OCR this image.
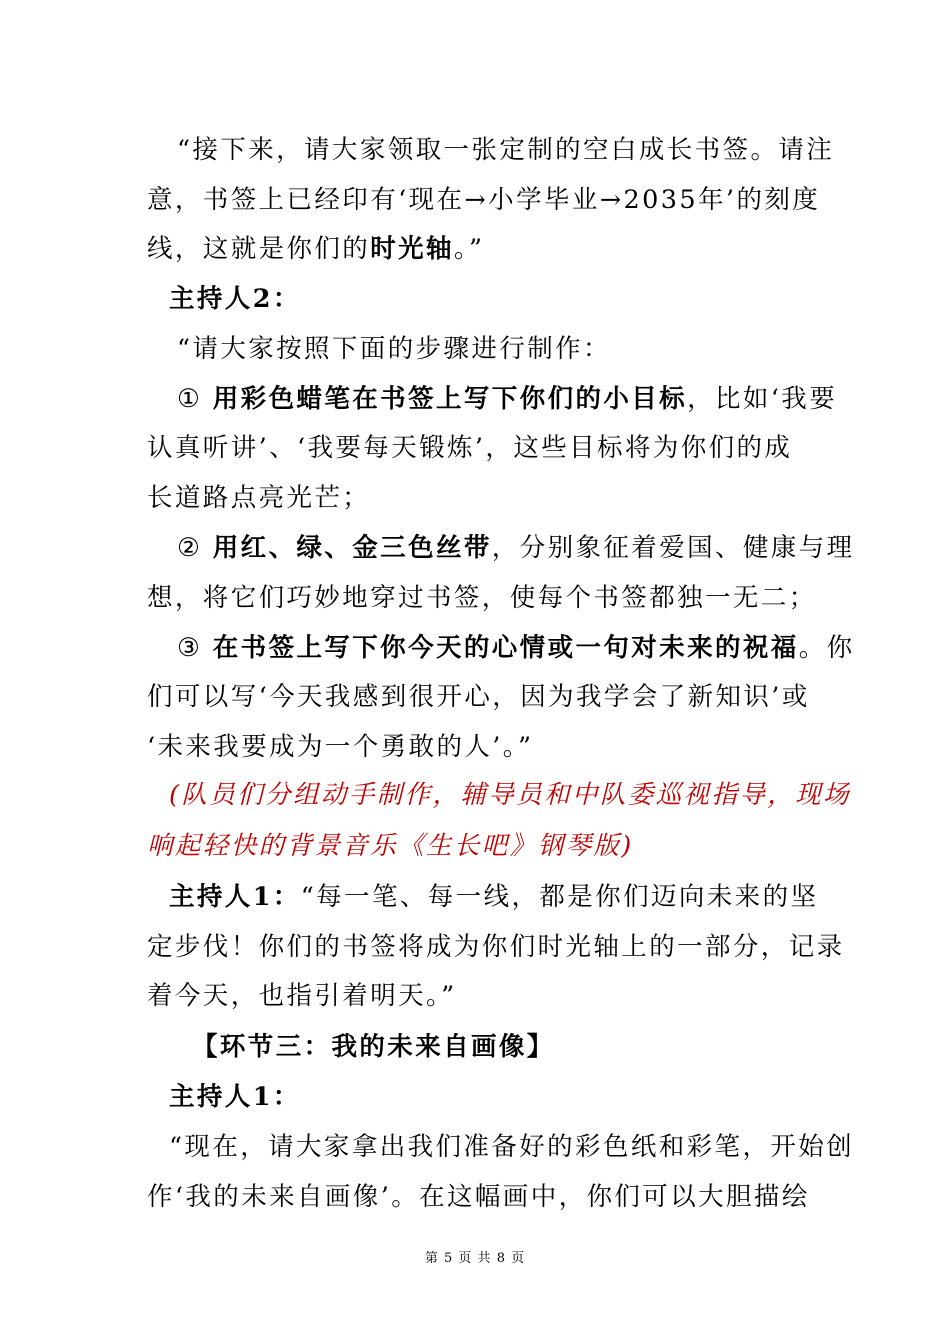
“接下来，请大家领取一张定制的空白成长书签。请注
意，书签上已经印有‘现在→小学毕业→2035年’的刻度
线，这就是你们的时光轴。”
主持人2：
“请大家按照下面的步骤进行制作：
① 用彩色蜡笔在书签上写下你们的小目标，比如‘我要
认真听讲’、‘我要每天锻炼’，这些目标将为你们的成
长道路点亮光芒；
② 用红、绿、金三色丝带，分别象征着爱国、健康与理
想，将它们巧妙地穿过书签，使每个书签都独一无二；
③ 在书签上写下你今天的心情或一句对未来的祝福。你
们可以写‘今天我感到很开心，因为我学会了新知识’或
‘未来我要成为一个勇敢的人’。”
(队员们分组动手制作，辅导员和中队委巡视指导，现场
响起轻快的背景音乐《生长吧》钢琴版)
主持人1：“每一笔、每一线，都是你们迈向未来的坚
定步伐！你们的书签将成为你们时光轴上的一部分，记录
着今天，也指引着明天。”
【环节三：我的未来自画像】
主持人1：
“现在，请大家拿出我们准备好的彩色纸和彩笔，开始创
作‘我的未来自画像’。在这幅画中，你们可以大胆描绘
第 5 页 共 8 页
